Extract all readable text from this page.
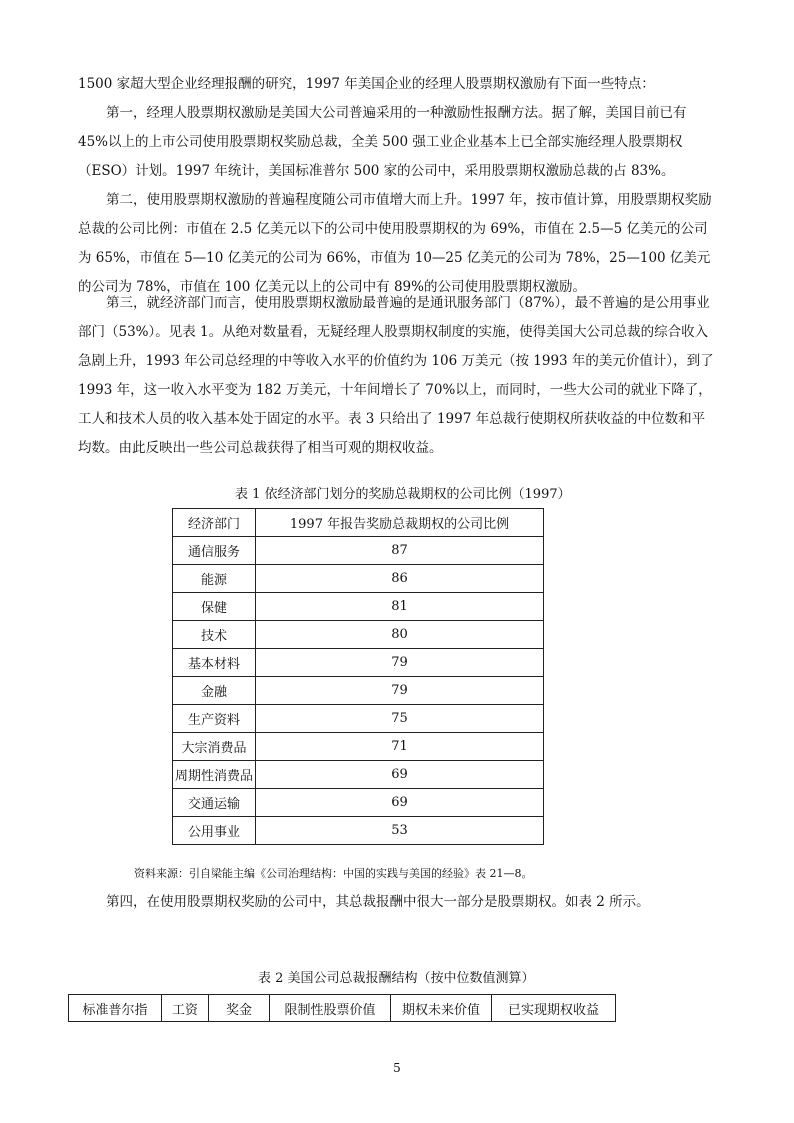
1500 家超大型企业经理报酬的研究，1997 年美国企业的经理人股票期权激励有下面一些特点：

第一，经理人股票期权激励是美国大公司普遍采用的一种激励性报酬方法。据了解，美国目前已有 45%以上的上市公司使用股票期权奖励总裁，全美 500 强工业企业基本上已全部实施经理人股票期权（ESO）计划。1997 年统计，美国标准普尔 500 家的公司中，采用股票期权激励总裁的占 83%。

第二，使用股票期权激励的普遍程度随公司市值增大而上升。1997 年，按市值计算，用股票期权奖励总裁的公司比例：市值在 2.5 亿美元以下的公司中使用股票期权的为 69%，市值在 2.5—5 亿美元的公司为 65%，市值在 5—10 亿美元的公司为 66%，市值为 10—25 亿美元的公司为 78%，25—100 亿美元的公司为 78%，市值在 100 亿美元以上的公司中有 89%的公司使用股票期权激励。

第三，就经济部门而言，使用股票期权激励最普遍的是通讯服务部门（87%），最不普遍的是公用事业部门（53%）。见表 1。从绝对数量看，无疑经理人股票期权制度的实施，使得美国大公司总裁的综合收入急剧上升，1993 年公司总经理的中等收入水平的价值约为 106 万美元（按 1993 年的美元价值计），到了 1993 年，这一收入水平变为 182 万美元，十年间增长了 70%以上，而同时，一些大公司的就业下降了，工人和技术人员的收入基本处于固定的水平。表 3 只给出了 1997 年总裁行使期权所获收益的中位数和平均数。由此反映出一些公司总裁获得了相当可观的期权收益。

表 1 依经济部门划分的奖励总裁期权的公司比例（1997）
经济部门	1997 年报告奖励总裁期权的公司比例
通信服务	87
能源	86
保健	81
技术	80
基本材料	79
金融	79
生产资料	75
大宗消费品	71
周期性消费品	69
交通运输	69
公用事业	53
资料来源：引自梁能主编《公司治理结构：中国的实践与美国的经验》表 21—8。

第四，在使用股票期权奖励的公司中，其总裁报酬中很大一部分是股票期权。如表 2 所示。

表 2 美国公司总裁报酬结构（按中位数值测算）
标准普尔指	工资	奖金	限制性股票价值	期权未来价值	已实现期权收益
5
